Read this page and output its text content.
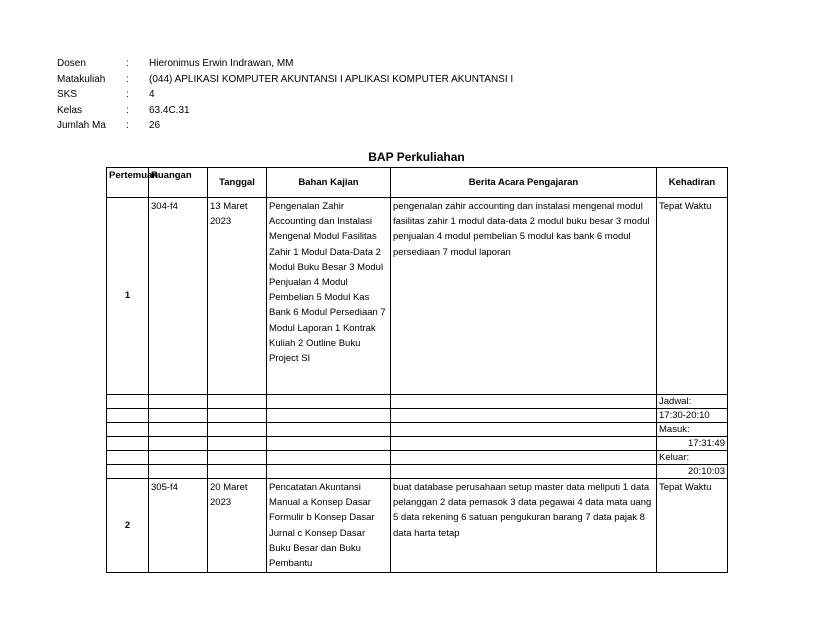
Dosen	: Hieronimus Erwin Indrawan, MM
Matakuliah	: (044) APLIKASI KOMPUTER AKUNTANSI I APLIKASI KOMPUTER AKUNTANSI I
SKS	: 4
Kelas	: 63.4C.31
Jumlah Ma	: 26
BAP Perkuliahan
Pertemuan	Ruangan	Tanggal	Bahan Kajian	Berita Acara Pengajaran	Kehadiran
1	304-f4	13 Maret 2023	Pengenalan Zahir Accounting dan Instalasi Mengenal Modul Fasilitas Zahir 1 Modul Data-Data 2 Modul Buku Besar 3 Modul Penjualan 4 Modul Pembelian 5 Modul Kas Bank 6 Modul Persediaan 7 Modul Laporan 1 Kontrak Kuliah 2 Outline Buku Project SI	pengenalan zahir accounting dan instalasi mengenal modul fasilitas zahir 1 modul data-data 2 modul buku besar 3 modul penjualan 4 modul pembelian 5 modul kas bank 6 modul persediaan 7 modul laporan	Tepat Waktu
					Jadwal:
					17:30-20:10
					Masuk:
					17:31:49
					Keluar:
					20:10:03
2	305-f4	20 Maret 2023	Pencatatan Akuntansi Manual a Konsep Dasar Formulir b Konsep Dasar Jurnal c Konsep Dasar Buku Besar dan Buku Pembantu	buat database perusahaan setup master data meliputi 1 data pelanggan 2 data pemasok 3 data pegawai 4 data mata uang 5 data rekening 6 satuan pengukuran barang 7 data pajak 8 data harta tetap	Tepat Waktu
